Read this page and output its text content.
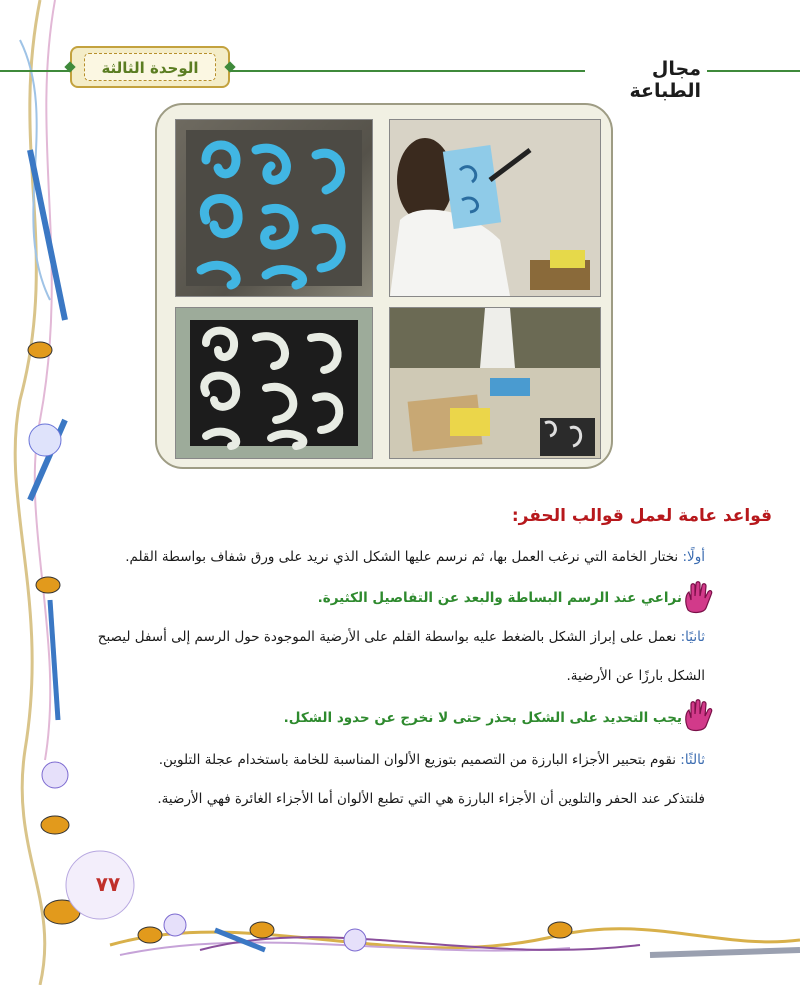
الوحدة الثالثة	مجال الطباعة
قواعد عامة لعمل قوالب الحفر:
أولًا: نختار الخامة التي نرغب العمل بها، ثم نرسم عليها الشكل الذي نريد على ورق شفاف بواسطة القلم.
نراعي عند الرسم البساطة والبعد عن التفاصيل الكثيرة.
ثانيًا: نعمل على إبراز الشكل بالضغط عليه بواسطة القلم على الأرضية الموجودة حول الرسم إلى أسفل ليصبح
الشكل بارزًا عن الأرضية.
يجب التحديد على الشكل بحذر حتى لا نخرج عن حدود الشكل.
ثالثًا: نقوم بتحبير الأجزاء البارزة من التصميم بتوزيع الألوان المناسبة للخامة باستخدام عجلة التلوين.
فلنتذكر عند الحفر والتلوين أن الأجزاء البارزة هي التي تطبع الألوان أما الأجزاء الغائرة فهي الأرضية.
٧٧
